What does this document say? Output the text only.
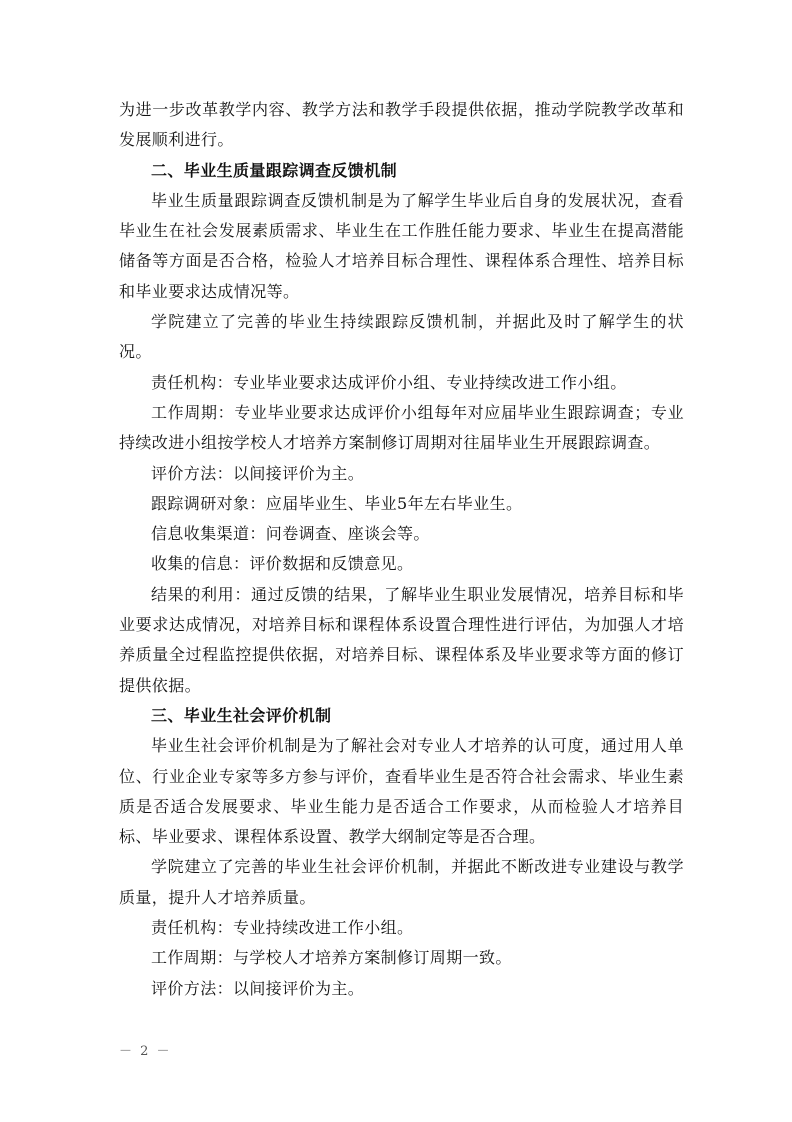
为进一步改革教学内容、教学方法和教学手段提供依据，推动学院教学改革和发展顺利进行。

二、毕业生质量跟踪调查反馈机制

毕业生质量跟踪调查反馈机制是为了解学生毕业后自身的发展状况，查看毕业生在社会发展素质需求、毕业生在工作胜任能力要求、毕业生在提高潜能储备等方面是否合格，检验人才培养目标合理性、课程体系合理性、培养目标和毕业要求达成情况等。

学院建立了完善的毕业生持续跟踪反馈机制，并据此及时了解学生的状况。

责任机构：专业毕业要求达成评价小组、专业持续改进工作小组。

工作周期：专业毕业要求达成评价小组每年对应届毕业生跟踪调查；专业持续改进小组按学校人才培养方案制修订周期对往届毕业生开展跟踪调查。

评价方法：以间接评价为主。

跟踪调研对象：应届毕业生、毕业5年左右毕业生。

信息收集渠道：问卷调查、座谈会等。

收集的信息：评价数据和反馈意见。

结果的利用：通过反馈的结果，了解毕业生职业发展情况，培养目标和毕业要求达成情况，对培养目标和课程体系设置合理性进行评估，为加强人才培养质量全过程监控提供依据，对培养目标、课程体系及毕业要求等方面的修订提供依据。

三、毕业生社会评价机制

毕业生社会评价机制是为了解社会对专业人才培养的认可度，通过用人单位、行业企业专家等多方参与评价，查看毕业生是否符合社会需求、毕业生素质是否适合发展要求、毕业生能力是否适合工作要求，从而检验人才培养目标、毕业要求、课程体系设置、教学大纲制定等是否合理。

学院建立了完善的毕业生社会评价机制，并据此不断改进专业建设与教学质量，提升人才培养质量。

责任机构：专业持续改进工作小组。

工作周期：与学校人才培养方案制修订周期一致。

评价方法：以间接评价为主。

－ 2 －
